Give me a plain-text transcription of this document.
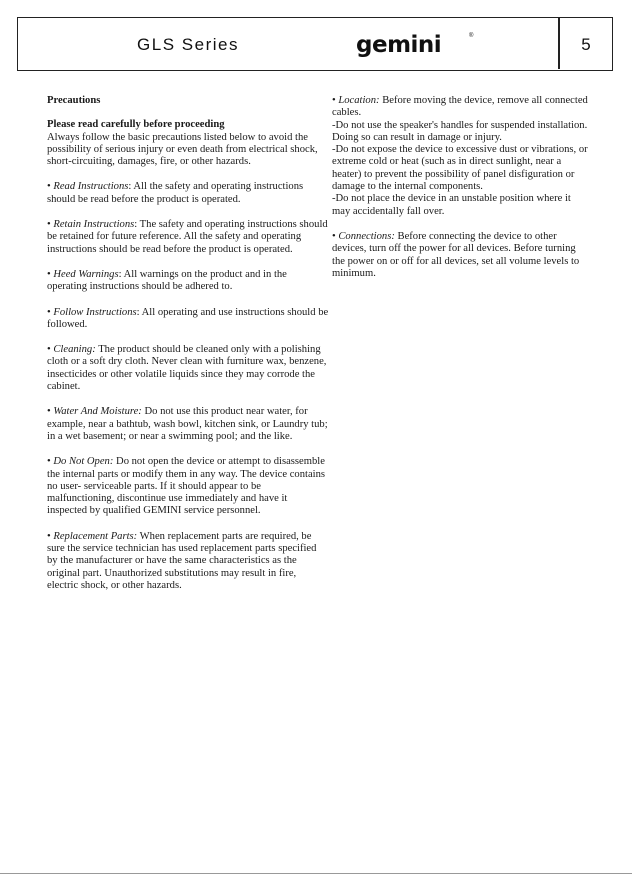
GLS Series	gemini	®	5

Precautions

Please read carefully before proceeding

Always follow the basic precautions listed below to avoid the possibility of serious injury or even death from electrical shock, short-circuiting, damages, fire, or other hazards.

• Read Instructions: All the safety and operating instructions should be read before the product is operated.

• Retain Instructions: The safety and operating instructions should be retained for future reference. All the safety and operating instructions should be read before the product is operated.

• Heed Warnings: All warnings on the product and in the operating instructions should be adhered to.

• Follow Instructions: All operating and use instructions should be followed.

• Cleaning: The product should be cleaned only with a polishing cloth or a soft dry cloth. Never clean with furniture wax, benzene, insecticides or other volatile liquids since they may corrode the cabinet.

• Water And Moisture: Do not use this product near water, for example, near a bathtub, wash bowl, kitchen sink, or Laundry tub; in a wet basement; or near a swimming pool; and the like.

• Do Not Open: Do not open the device or attempt to disassemble the internal parts or modify them in any way. The device contains no user- serviceable parts. If it should appear to be malfunctioning, discontinue use immediately and have it inspected by qualified GEMINI service personnel.

• Replacement Parts: When replacement parts are required, be sure the service technician has used replacement parts specified by the manufacturer or have the same characteristics as the original part. Unauthorized substitutions may result in fire, electric shock, or other hazards.

• Location: Before moving the device, remove all connected cables.

-Do not use the speaker's handles for suspended installation.

Doing so can result in damage or injury.

-Do not expose the device to excessive dust or vibrations, or extreme cold or heat (such as in direct sunlight, near a heater) to prevent the possibility of panel disfiguration or damage to the internal components.

-Do not place the device in an unstable position where it may accidentally fall over.

• Connections: Before connecting the device to other devices, turn off the power for all devices. Before turning the power on or off for all devices, set all volume levels to minimum.
